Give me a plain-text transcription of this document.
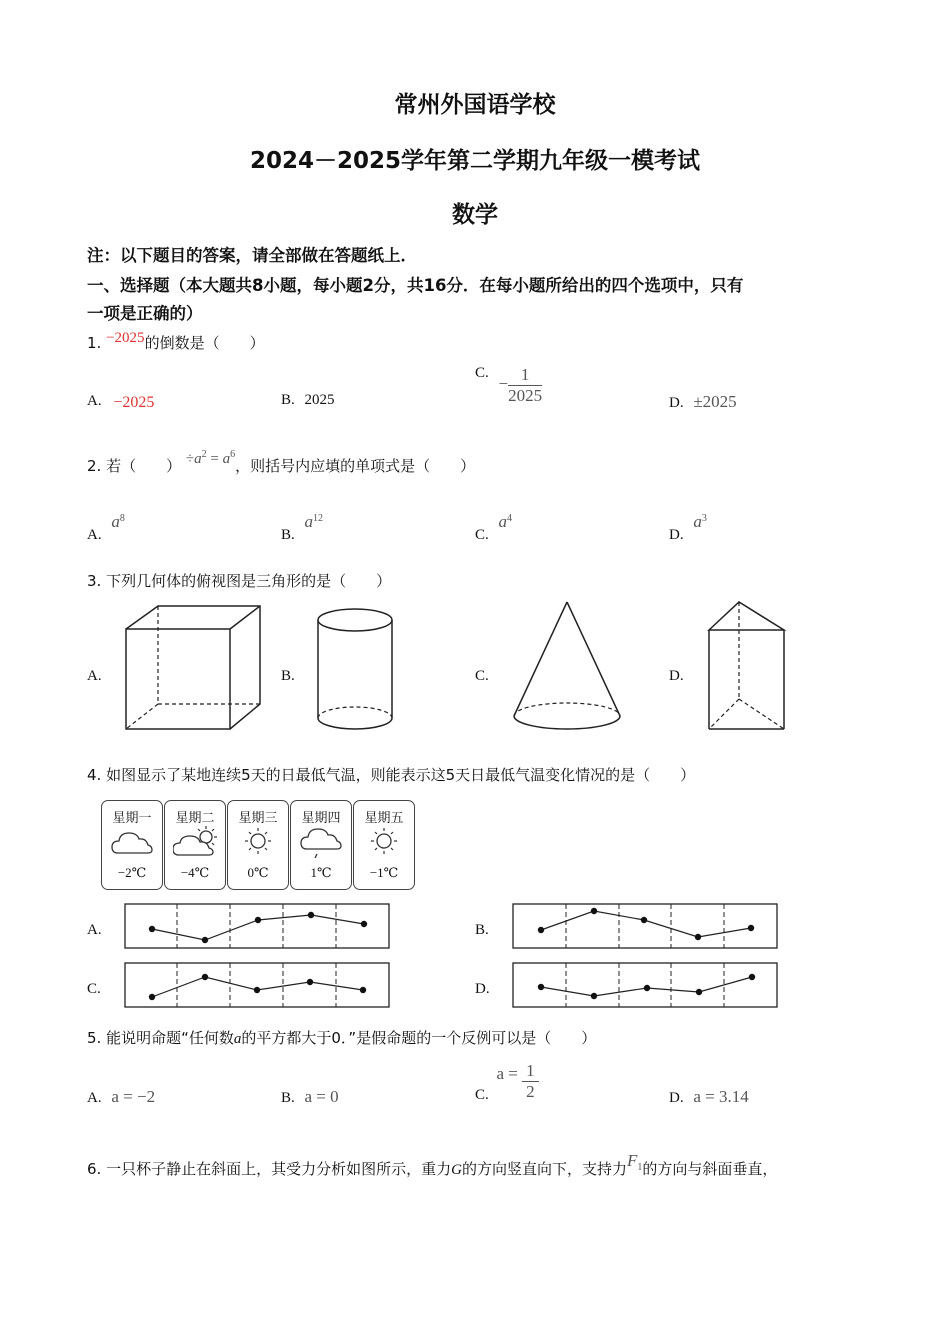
常州外国语学校
2024－2025学年第二学期九年级一模考试
数学
注：以下题目的答案，请全部做在答题纸上．
一、选择题（本大题共8小题，每小题2分，共16分．在每小题所给出的四个选项中，只有
一项是正确的）
1. −2025的倒数是（　　）
A. −2025	B. 2025
C. − $\frac{1}{2025}$	D. ±2025
2. 若（　　） $\div a^2 = a^6$，则括号内应填的单项式是（　　）
A. $a^8$
B. $a^{12}$
C. $a^4$
D. $a^3$
3. 下列几何体的俯视图是三角形的是（　　）
A.	B.	C.	D.
4. 如图显示了某地连续5天的日最低气温，则能表示这5天日最低气温变化情况的是（　　）
星期一
−2℃
星期二
−4℃
星期三
0℃
星期四
1℃
星期五
−1℃
A.	B.
C.	D.
5. 能说明命题“任何数a的平方都大于0．”是假命题的一个反例可以是（　　）
A. a = −2	B. a = 0	C. $a = \frac{1}{2}$	D. a = 3.14
6. 一只杯子静止在斜面上，其受力分析如图所示，重力G的方向竖直向下，支持力$F^1$的方向与斜面垂直，
